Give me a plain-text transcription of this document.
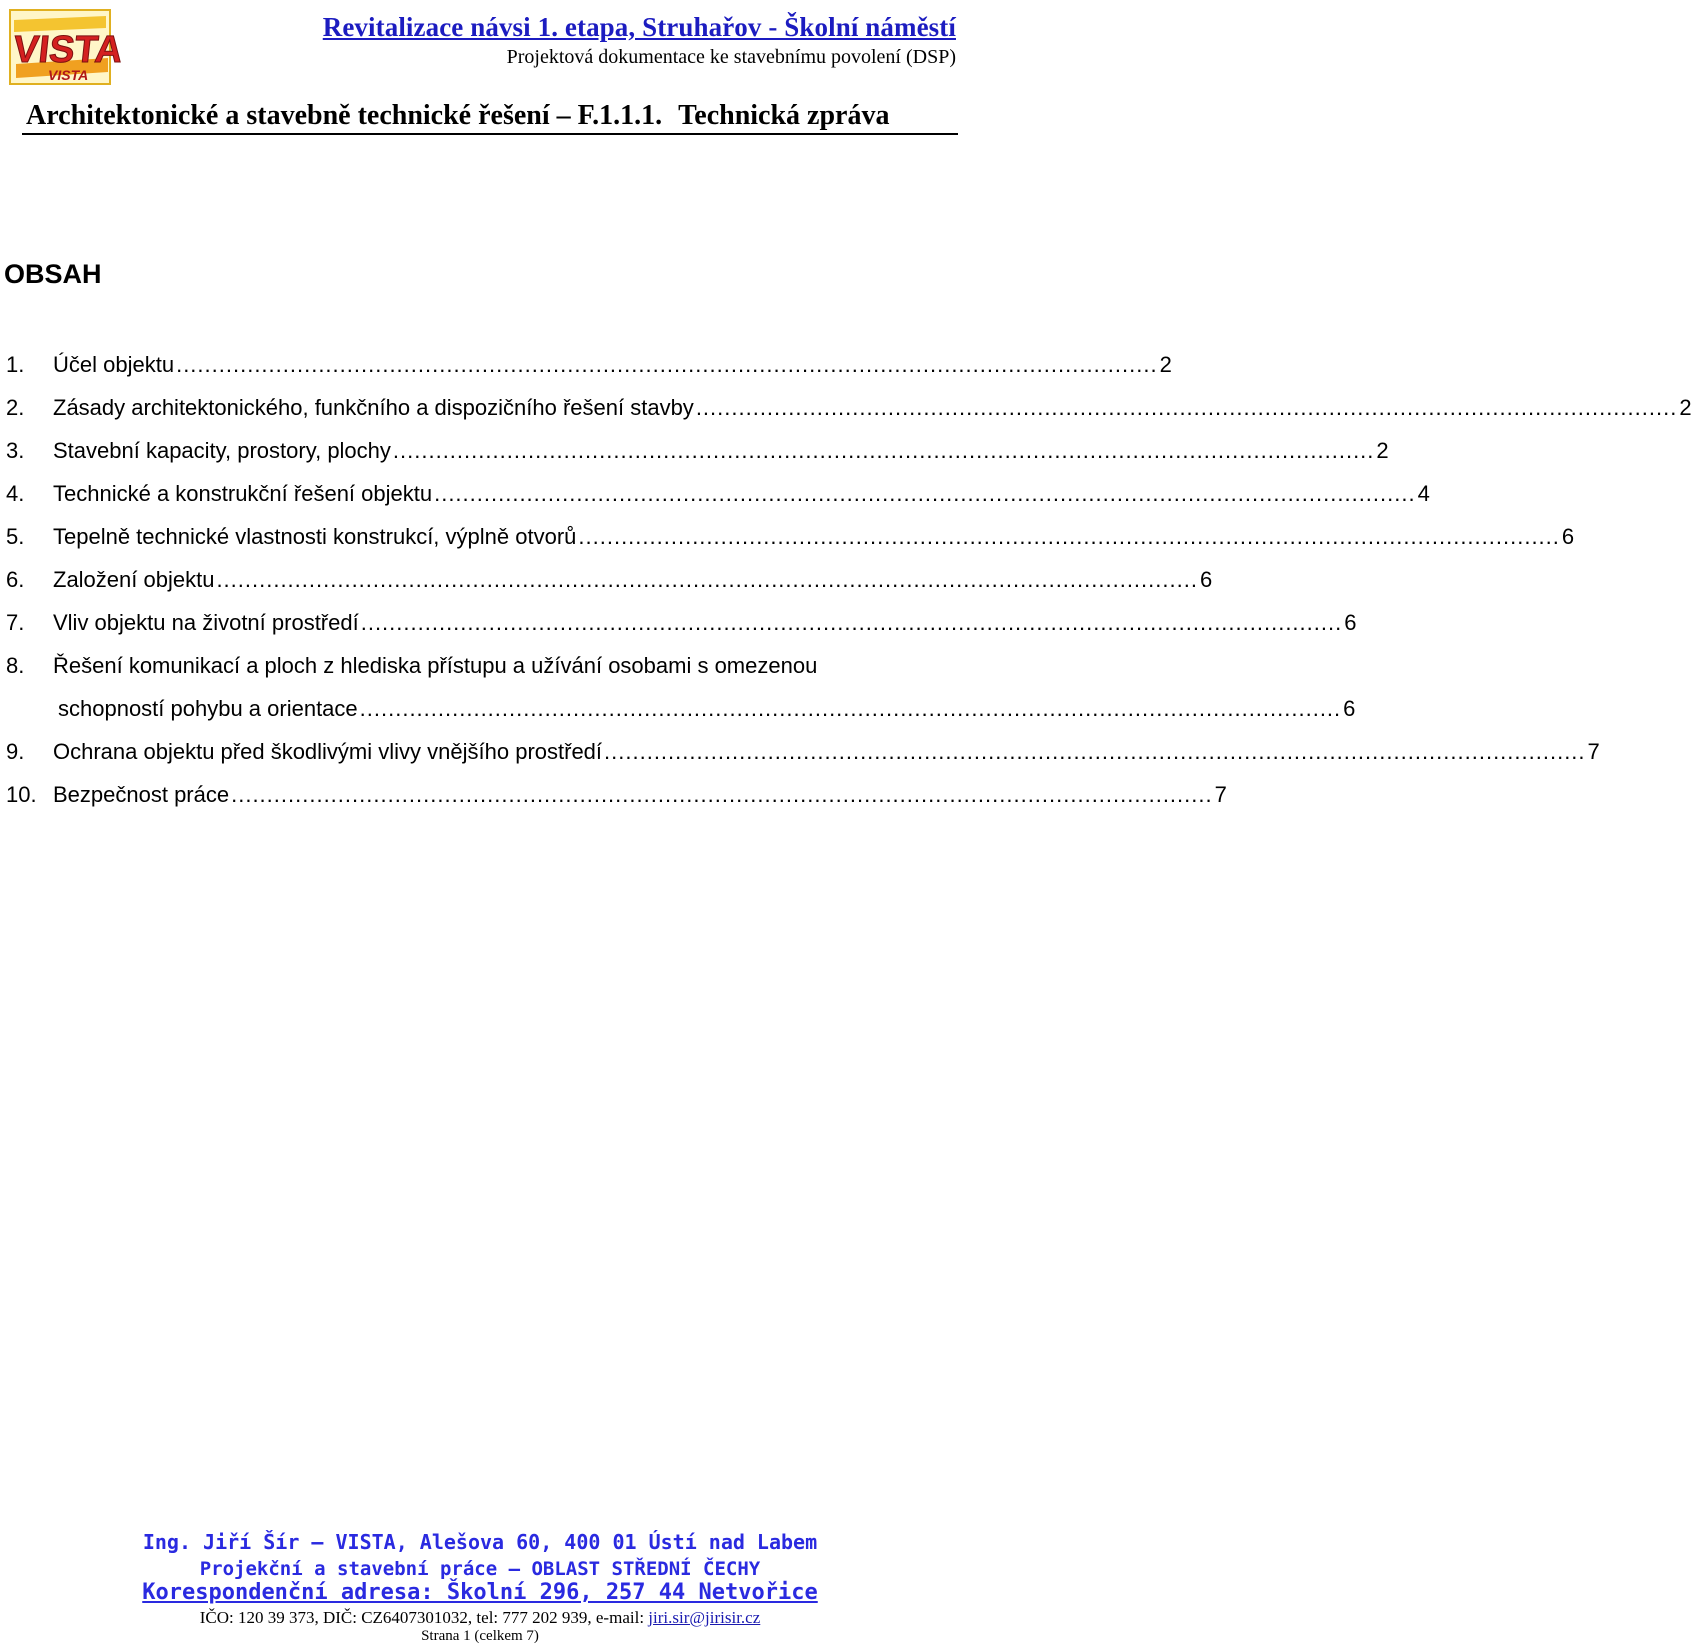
VISTA
VISTA
Revitalizace návsi 1. etapa, Struhařov - Školní náměstí
Projektová dokumentace ke stavebnímu povolení (DSP)
Architektonické a stavebně technické řešení – F.1.1.1. Technická zpráva
OBSAH
1.	Účel objektu .......................................................................................................................................... 2
2.	Zásady architektonického, funkčního a dispozičního řešení stavby .......................................................................................................................................... 2
3.	Stavební kapacity, prostory, plochy .......................................................................................................................................... 2
4.	Technické a konstrukční řešení objektu .......................................................................................................................................... 4
5.	Tepelně technické vlastnosti konstrukcí, výplně otvorů .......................................................................................................................................... 6
6.	Založení objektu .......................................................................................................................................... 6
7.	Vliv objektu na životní prostředí .......................................................................................................................................... 6
8.	Řešení komunikací a ploch z hlediska přístupu a užívání osobami s omezenou
schopností pohybu a orientace .......................................................................................................................................... 6
9.	Ochrana objektu před škodlivými vlivy vnějšího prostředí .......................................................................................................................................... 7
10. Bezpečnost práce .......................................................................................................................................... 7
Ing. Jiří Šír – VISTA, Alešova 60, 400 01 Ústí nad Labem
Projekční a stavební práce – OBLAST STŘEDNÍ ČECHY
Korespondenční adresa: Školní 296, 257 44 Netvořice
IČO: 120 39 373, DIČ: CZ6407301032, tel: 777 202 939, e-mail: jiri.sir@jirisir.cz
Strana 1 (celkem 7)
